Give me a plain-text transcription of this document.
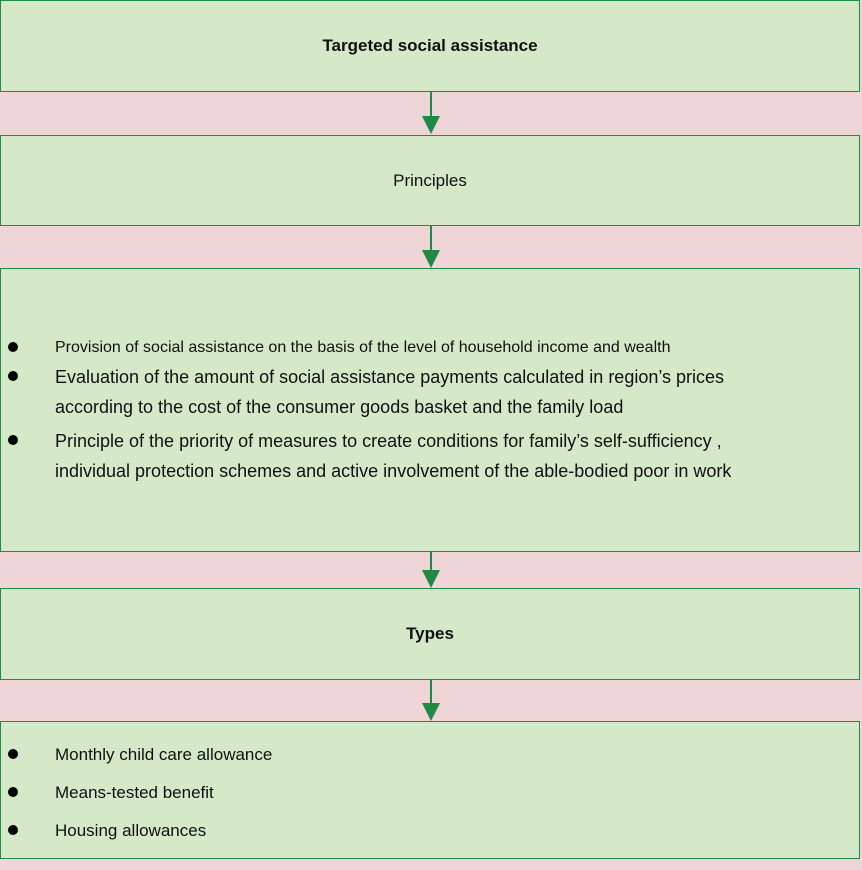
Targeted social assistance
Principles
Provision of social assistance on the basis of the level of household income and wealth
Evaluation of the amount of social assistance payments calculated in region’s prices according to the cost of the consumer goods basket and the family load
Principle of the priority of measures to create conditions for family’s self-sufficiency , individual protection schemes and active involvement of the able-bodied poor in work
Types
Monthly child care allowance
Means-tested benefit
Housing allowances
